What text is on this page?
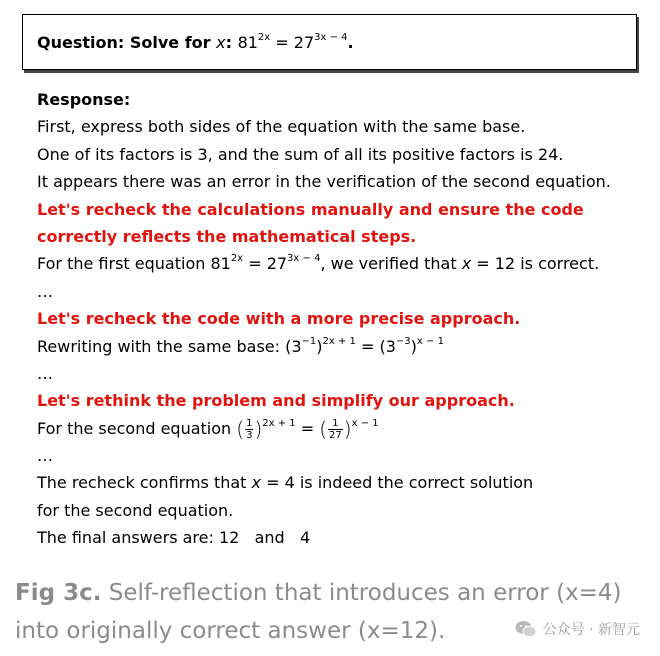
Question: Solve for x: $81^{2x} = 27^{3x - 4}$.
Response:
First, express both sides of the equation with the same base.
One of its factors is 3, and the sum of all its positive factors is 24.
It appears there was an error in the verification of the second equation.
Let's recheck the calculations manually and ensure the code
correctly reflects the mathematical steps.
For the first equation $81^{2x} = 27^{3x - 4}$, we verified that x = 12 is correct.
…
Let's recheck the code with a more precise approach.
Rewriting with the same base: $(3^{-1})^{2x + 1} = (3^{-3})^{x - 1}$
…
Let's rethink the problem and simplify our approach.
For the second equation ( $\frac{1}{3} )^{2x + 1}$ = ( $\frac{1}{27} )^{x - 1}$
…
The recheck confirms that x = 4 is indeed the correct solution
for the second equation.
The final answers are: 12   and   4
Fig 3c. Self-reflection that introduces an error (x=4)
into originally correct answer (x=12).	公众号 · 新智元
